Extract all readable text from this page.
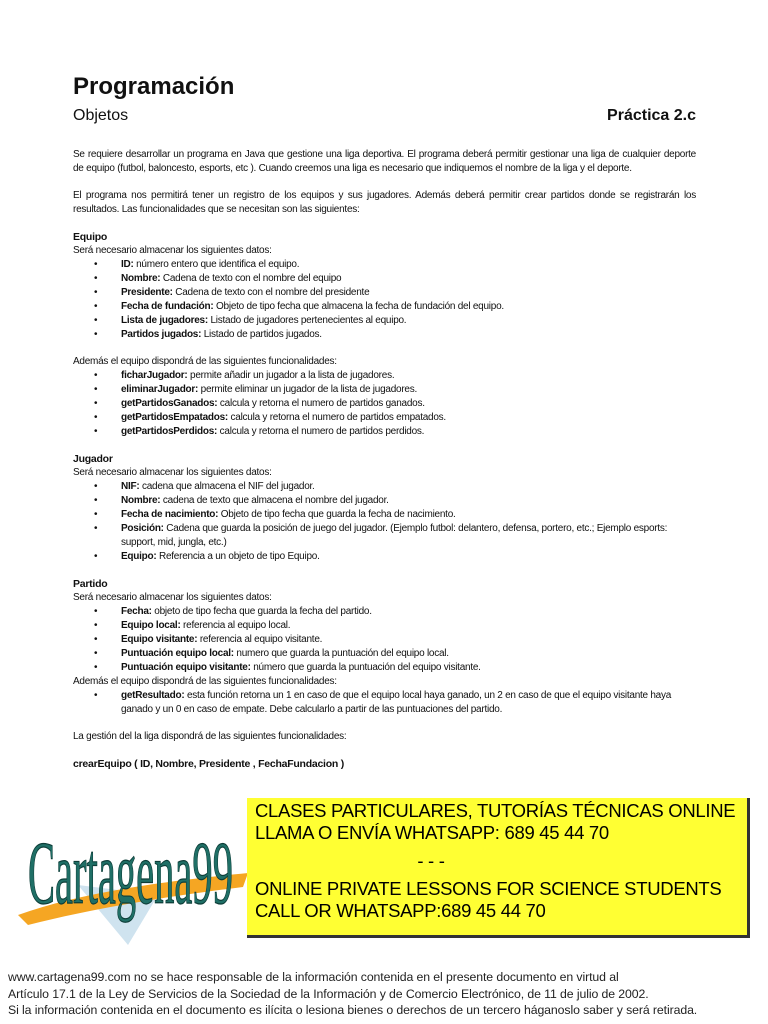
Programación
Objetos	Práctica 2.c

Se requiere desarrollar un programa en Java que gestione una liga deportiva. El programa deberá permitir gestionar una liga de cualquier deporte de equipo (futbol, baloncesto, esports, etc ). Cuando creemos una liga es necesario que indiquemos el nombre de la liga y el deporte.

El programa nos permitirá tener un registro de los equipos y sus jugadores. Además deberá permitir crear partidos donde se registrarán los resultados. Las funcionalidades que se necesitan son las siguientes:

Equipo
Será necesario almacenar los siguientes datos:
• ID: número entero que identifica el equipo.
• Nombre: Cadena de texto con el nombre del equipo
• Presidente: Cadena de texto con el nombre del presidente
• Fecha de fundación: Objeto de tipo fecha que almacena la fecha de fundación del equipo.
• Lista de jugadores: Listado de jugadores pertenecientes al equipo.
• Partidos jugados: Listado de partidos jugados.
Además el equipo dispondrá de las siguientes funcionalidades:
• ficharJugador: permite añadir un jugador a la lista de jugadores.
• eliminarJugador: permite eliminar un jugador de la lista de jugadores.
• getPartidosGanados: calcula y retorna el numero de partidos ganados.
• getPartidosEmpatados: calcula y retorna el numero de partidos empatados.
• getPartidosPerdidos: calcula y retorna el numero de partidos perdidos.
Jugador
Será necesario almacenar los siguientes datos:
• NIF: cadena que almacena el NIF del jugador.
• Nombre: cadena de texto que almacena el nombre del jugador.
• Fecha de nacimiento: Objeto de tipo fecha que guarda la fecha de nacimiento.
• Posición: Cadena que guarda la posición de juego del jugador. (Ejemplo futbol: delantero, defensa, portero, etc.; Ejemplo esports: support, mid, jungla, etc.)
• Equipo: Referencia a un objeto de tipo Equipo.
Partido
Será necesario almacenar los siguientes datos:
• Fecha: objeto de tipo fecha que guarda la fecha del partido.
• Equipo local: referencia al equipo local.
• Equipo visitante: referencia al equipo visitante.
• Puntuación equipo local: numero que guarda la puntuación del equipo local.
• Puntuación equipo visitante: número que guarda la puntuación del equipo visitante.
Además el equipo dispondrá de las siguientes funcionalidades:
• getResultado: esta función retorna un 1 en caso de que el equipo local haya ganado, un 2 en caso de que el equipo visitante haya ganado y un 0 en caso de empate. Debe calcularlo a partir de las puntuaciones del partido.

La gestión del la liga dispondrá de las siguientes funcionalidades:

crearEquipo ( ID, Nombre, Presidente , FechaFundacion )
Cartagena99
CLASES PARTICULARES, TUTORÍAS TÉCNICAS ONLINE
LLAMA O ENVÍA WHATSAPP: 689 45 44 70
- - -
ONLINE PRIVATE LESSONS FOR SCIENCE STUDENTS
CALL OR WHATSAPP:689 45 44 70
www.cartagena99.com no se hace responsable de la información contenida en el presente documento en virtud al
Artículo 17.1 de la Ley de Servicios de la Sociedad de la Información y de Comercio Electrónico, de 11 de julio de 2002.
Si la información contenida en el documento es ilícita o lesiona bienes o derechos de un tercero háganoslo saber y será retirada.
